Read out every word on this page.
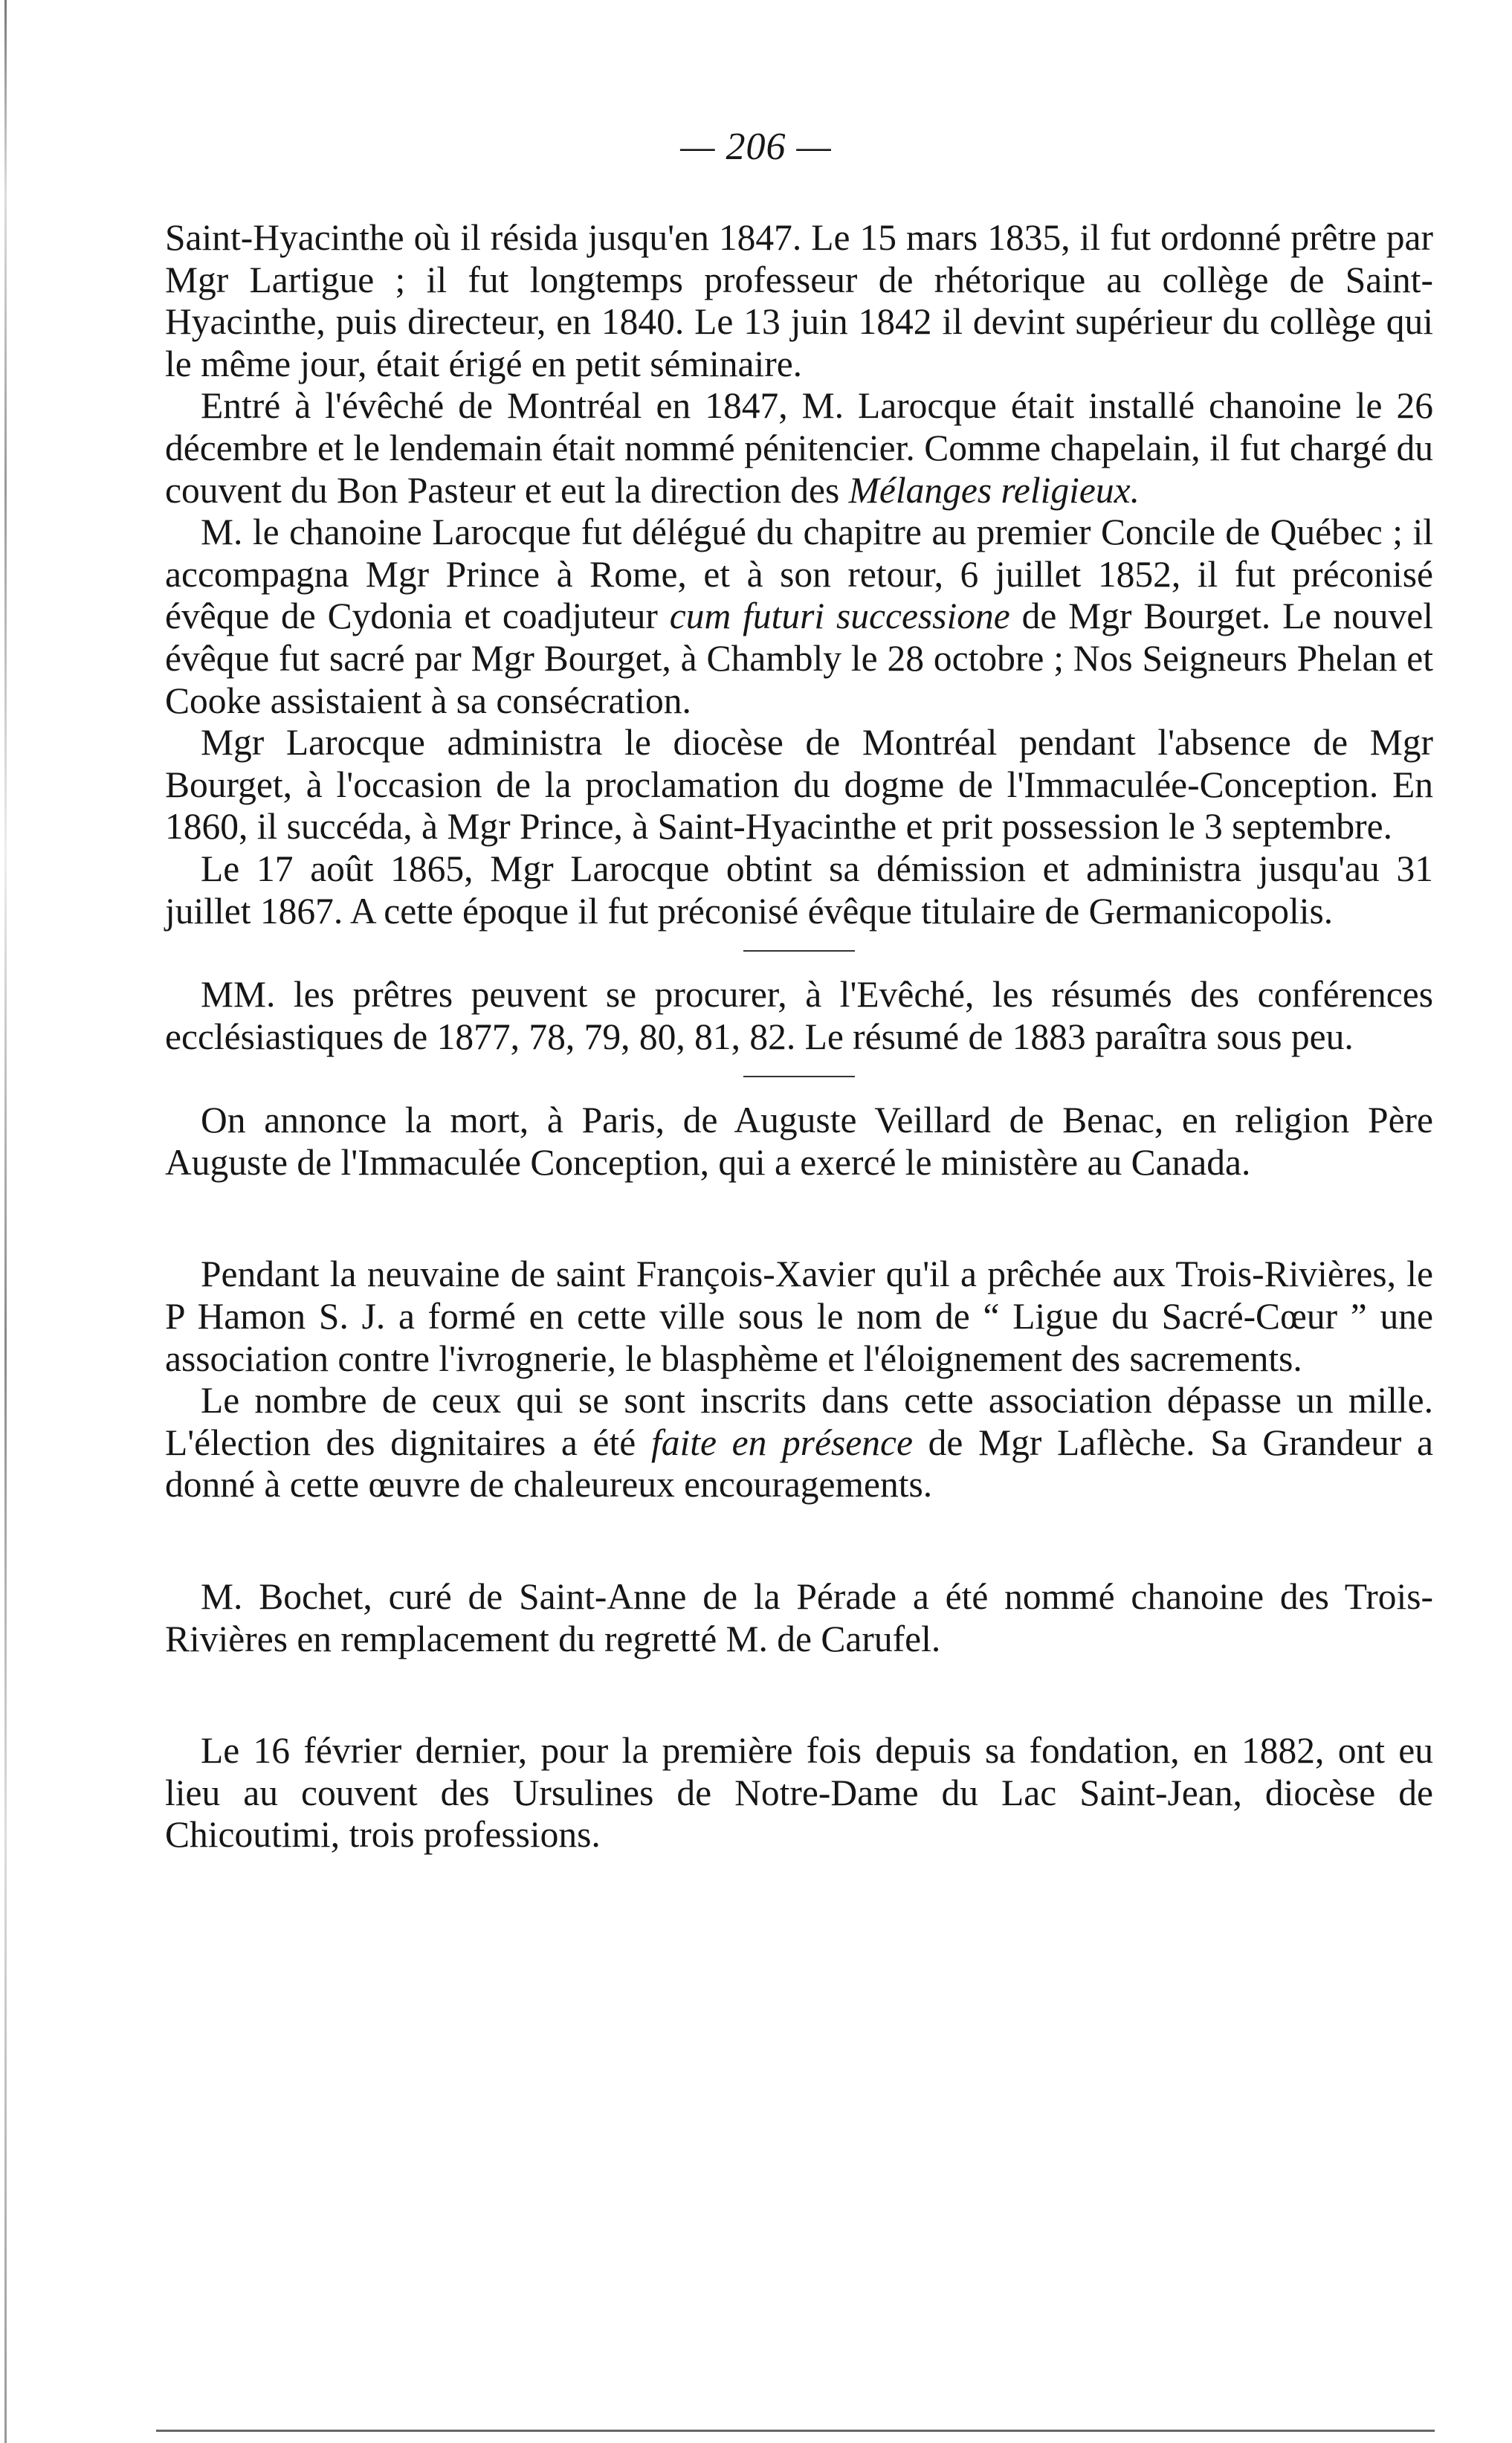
— 206 —

Saint-Hyacinthe où il résida jusqu'en 1847. Le 15 mars 1835, il fut ordonné prêtre par Mgr Lartigue ; il fut longtemps professeur de rhétorique au collège de Saint-Hyacinthe, puis directeur, en 1840. Le 13 juin 1842 il devint supérieur du collège qui le même jour, était érigé en petit séminaire.

Entré à l'évêché de Montréal en 1847, M. Larocque était installé chanoine le 26 décembre et le lendemain était nommé pénitencier. Comme chapelain, il fut chargé du couvent du Bon Pasteur et eut la direction des Mélanges religieux.

M. le chanoine Larocque fut délégué du chapitre au premier Concile de Québec ; il accompagna Mgr Prince à Rome, et à son retour, 6 juillet 1852, il fut préconisé évêque de Cydonia et coadjuteur cum futuri successione de Mgr Bourget. Le nouvel évêque fut sacré par Mgr Bourget, à Chambly le 28 octobre ; Nos Seigneurs Phelan et Cooke assistaient à sa consécration.

Mgr Larocque administra le diocèse de Montréal pendant l'absence de Mgr Bourget, à l'occasion de la proclamation du dogme de l'Immaculée-Conception. En 1860, il succéda, à Mgr Prince, à Saint-Hyacinthe et prit possession le 3 septembre.

Le 17 août 1865, Mgr Larocque obtint sa démission et administra jusqu'au 31 juillet 1867. A cette époque il fut préconisé évêque titulaire de Germanicopolis.

MM. les prêtres peuvent se procurer, à l'Evêché, les résumés des conférences ecclésiastiques de 1877, 78, 79, 80, 81, 82. Le résumé de 1883 paraîtra sous peu.

On annonce la mort, à Paris, de Auguste Veillard de Benac, en religion Père Auguste de l'Immaculée Conception, qui a exercé le ministère au Canada.

Pendant la neuvaine de saint François-Xavier qu'il a prêchée aux Trois-Rivières, le P Hamon S. J. a formé en cette ville sous le nom de “ Ligue du Sacré-Cœur ” une association contre l'ivrognerie, le blasphème et l'éloignement des sacrements.

Le nombre de ceux qui se sont inscrits dans cette association dépasse un mille. L'élection des dignitaires a été faite en présence de Mgr Laflèche. Sa Grandeur a donné à cette œuvre de chaleureux encouragements.

M. Bochet, curé de Saint-Anne de la Pérade a été nommé chanoine des Trois-Rivières en remplacement du regretté M. de Carufel.

Le 16 février dernier, pour la première fois depuis sa fondation, en 1882, ont eu lieu au couvent des Ursulines de Notre-Dame du Lac Saint-Jean, diocèse de Chicoutimi, trois professions.
